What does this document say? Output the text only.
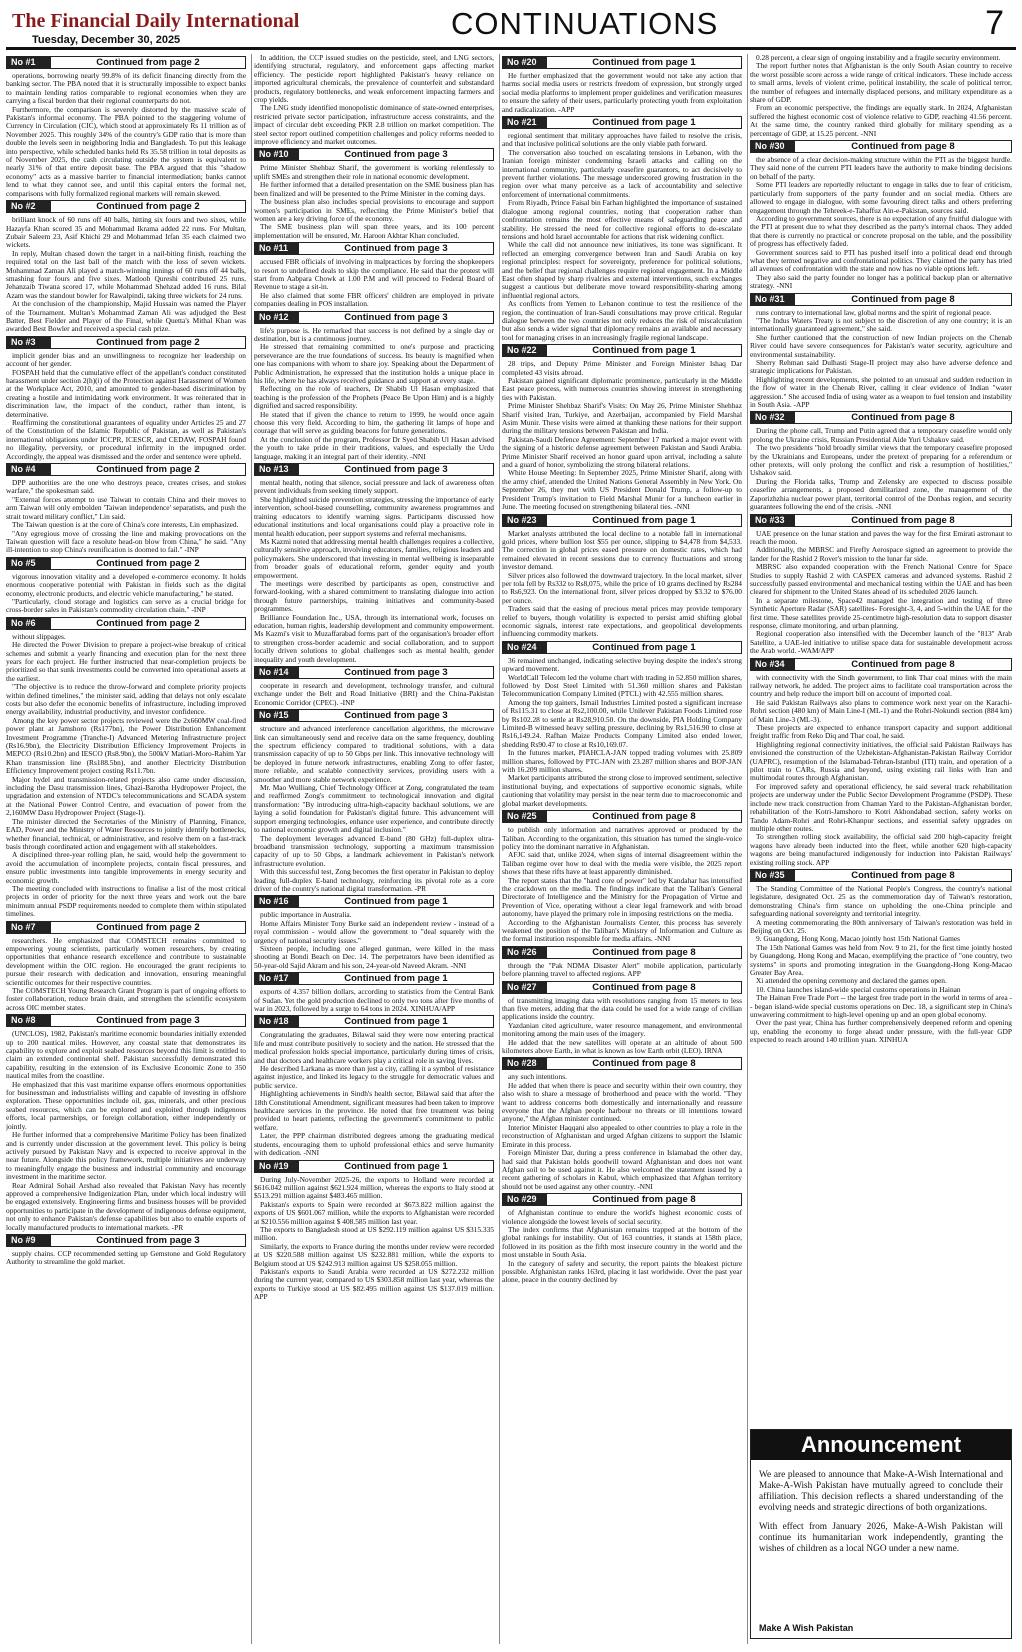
The Financial Daily International
Tuesday, December 30, 2025	CONTINUATIONS	7
No #1	Continued from page 2

operations, borrowing nearly 99.8% of its deficit financing directly from the banking sector. The PBA noted that it is structurally impossible to expect banks to maintain lending ratios comparable to regional economies when they are carrying a fiscal burden that their regional counterparts do not.

Furthermore, the comparison is severely distorted by the massive scale of Pakistan's informal economy. The PBA pointed to the staggering volume of Currency in Circulation (CIC), which stood at approximately Rs 11 trillion as of November 2025. This roughly 34% of the country's GDP ratio that is more than double the levels seen in neighboring India and Bangladesh. To put this leakage into perspective, while scheduled banks held Rs 35.58 trillion in total deposits as of November 2025, the cash circulating outside the system is equivalent to nearly 31% of that entire deposit base. The PBA argued that this "shadow economy" acts as a massive barrier to financial intermediation; banks cannot lend to what they cannot see, and until this capital enters the formal net, comparisons with fully formalized regional markets will remain skewed.

No #2	Continued from page 2

brilliant knock of 60 runs off 40 balls, hitting six fours and two sixes, while Hazayfa Khan scored 35 and Mohammad Ikrama added 22 runs. For Multan, Zubair Saleem 23, Asif Khichi 29 and Mohammad Irfan 35 each claimed two wickets.

In reply, Multan chased down the target in a nail-biting finish, reaching the required total on the last ball of the match with the loss of seven wickets. Mohammad Zaman Ali played a match-winning innings of 60 runs off 44 balls, smashing four fours and five sixes. Matloob Qureshi contributed 25 runs, Jehanzaib Tiwana scored 17, while Mohammad Shehzad added 16 runs. Bilal Azam was the standout bowler for Rawalpindi, taking three wickets for 24 runs.

At the conclusion of the championship, Majid Hussain was named the Player of the Tournament. Multan's Mohammad Zaman Ali was adjudged the Best Batter, Best Fielder and Player of the Final, while Quetta's Mithal Khan was awarded Best Bowler and received a special cash prize.

No #3	Continued from page 2

implicit gender bias and an unwillingness to recognize her leadership on account of her gender.

FOSPAH held that the cumulative effect of the appellant's conduct constituted harassment under section 2(h)(i) of the Protection against Harassment of Women at the Workplace Act, 2010, and amounted to gender-based discrimination by creating a hostile and intimidating work environment. It was reiterated that in discrimination law, the impact of the conduct, rather than intent, is determinative.

Reaffirming the constitutional guarantees of equality under Articles 25 and 27 of the Constitution of the Islamic Republic of Pakistan, as well as Pakistan's international obligations under ICCPR, ICESCR, and CEDAW, FOSPAH found no illegality, perversity, or procedural infirmity in the impugned order. Accordingly, the appeal was dismissed and the order and sentence were upheld.

No #4	Continued from page 2

DPP authorities are the one who destroys peace, creates crises, and stokes warfare," the spokesman said.

"External forces attempt to use Taiwan to contain China and their moves to arm Taiwan will only embolden 'Taiwan independence' separatists, and push the strait toward military conflict," Lin said.

The Taiwan question is at the core of China's core interests, Lin emphasized.

"Any egregious move of crossing the line and making provocations on the Taiwan question will face a resolute head-on blow from China," he said. "Any ill-intention to stop China's reunification is doomed to fail." -INP

No #5	Continued from page 2

vigorous innovation vitality and a developed e-commerce economy. It holds enormous cooperative potential with Pakistan in fields such as the digital economy, electronic products, and electric vehicle manufacturing," he stated.

"Particularly, cloud storage and logistics can serve as a crucial bridge for cross-border sales in Pakistan's commodity circulation chain." -INP

No #6	Continued from page 2

without slippages.

He directed the Power Division to prepare a project-wise breakup of critical schemes and submit a yearly financing and execution plan for the next three years for each project. He further instructed that near-completion projects be prioritized so that sunk investments could be converted into operational assets at the earliest.

"The objective is to reduce the throw-forward and complete priority projects within defined timelines," the minister said, adding that delays not only escalate costs but also defer the economic benefits of infrastructure, including improved energy availability, industrial productivity, and investor confidence.

Among the key power sector projects reviewed were the 2x660MW coal-fired power plant at Jamshoro (Rs177bn), the Power Distribution Enhancement Investment Programme (Tranche-I) Advanced Metering Infrastructure project (Rs16.9bn), the Electricity Distribution Efficiency Improvement Projects in MEPCO (Rs10.2bn) and IESCO (Rs8.9bn), the 500kV Matiari-Moro-Rahim Yar Khan transmission line (Rs188.5bn), and another Electricity Distribution Efficiency Improvement project costing Rs11.7bn.

Major hydel and transmission-related projects also came under discussion, including the Dasu transmission lines, Ghazi-Barotha Hydropower Project, the upgradation and extension of NTDC's telecommunications and SCADA system at the National Power Control Centre, and evacuation of power from the 2,160MW Dasu Hydropower Project (Stage-I).

The minister directed the Secretaries of the Ministry of Planning, Finance, EAD, Power and the Ministry of Water Resources to jointly identify bottlenecks, whether financial, technical, or administrative, and resolve them on a fast-track basis through coordinated action and engagement with all stakeholders.

A disciplined three-year rolling plan, he said, would help the government to avoid the accumulation of incomplete projects, contain fiscal pressures, and ensure public investments into tangible improvements in energy security and economic growth.

The meeting concluded with instructions to finalise a list of the most critical projects in order of priority for the next three years and work out the bare minimum annual PSDP requirements needed to complete them within stipulated timelines.

No #7	Continued from page 2

researchers. He emphasized that COMSTECH remains committed to empowering young scientists, particularly women researchers, by creating opportunities that enhance research excellence and contribute to sustainable development within the OIC region. He encouraged the grant recipients to pursue their research with dedication and innovation, ensuring meaningful scientific outcomes for their respective countries.

The COMSTECH Young Research Grant Program is part of ongoing efforts to foster collaboration, reduce brain drain, and strengthen the scientific ecosystem across OIC member states.

No #8	Continued from page 3

(UNCLOS), 1982, Pakistan's maritime economic boundaries initially extended up to 200 nautical miles. However, any coastal state that demonstrates its capability to explore and exploit seabed resources beyond this limit is entitled to claim an extended continental shelf. Pakistan successfully demonstrated this capability, resulting in the extension of its Exclusive Economic Zone to 350 nautical miles from the coastline.

He emphasized that this vast maritime expanse offers enormous opportunities for businessman and industrialists willing and capable of investing in offshore exploration. These opportunities include oil, gas, minerals, and other precious seabed resources, which can be explored and exploited through indigenous efforts, local partnerships, or foreign collaboration, either independently or jointly.

He further informed that a comprehensive Maritime Policy has been finalized and is currently under discussion at the government level. This policy is being actively pursued by Pakistan Navy and is expected to receive approval in the near future. Alongside this policy framework, multiple initiatives are underway to meaningfully engage the business and industrial community and encourage investment in the maritime sector.

Rear Admiral Sohail Arshad also revealed that Pakistan Navy has recently approved a comprehensive Indigenization Plan, under which local industry will be engaged extensively. Engineering firms and business houses will be provided opportunities to participate in the development of indigenous defense equipment, not only to enhance Pakistan's defense capabilities but also to enable exports of locally manufactured products to international markets. -PR

No #9	Continued from page 3

supply chains. CCP recommended setting up Gemstone and Gold Regulatory Authority to streamline the gold market.

In addition, the CCP issued studies on the pesticide, steel, and LNG sectors, identifying structural, regulatory, and enforcement gaps affecting market efficiency. The pesticide report highlighted Pakistan's heavy reliance on imported agricultural chemicals, the prevalence of counterfeit and substandard products, regulatory bottlenecks, and weak enforcement impacting farmers and crop yields.

The LNG study identified monopolistic dominance of state-owned enterprises, restricted private sector participation, infrastructure access constraints, and the impact of circular debt exceeding PKR 2.8 trillion on market competition. The steel sector report outlined competition challenges and policy reforms needed to improve efficiency and market outcomes.

No #10	Continued from page 3

Prime Minister Shehbaz Sharif, the government is working relentlessly to uplift SMEs and strengthen their role in national economic development.

He further informed that a detailed presentation on the SME business plan has been finalized and will be presented to the Prime Minister in the coming days.

The business plan also includes special provisions to encourage and support women's participation in SMEs, reflecting the Prime Minister's belief that women are a key driving force of the economy.

The SME business plan will span three years, and its 100 percent implementation will be ensured, Mr. Haroon Akhtar Khan concluded.

No #11	Continued from page 3

accused FBR officials of involving in malpractices by forcing the shopkeepers to resort to undefined deals to skip the compliance. He said that the protest will start from Aabpara Chowk at 1.00 P.M and will proceed to Federal Board of Revenue to stage a sit-in.

He also claimed that some FBR officers' children are employed in private companies dealing in POS installation.

No #12	Continued from page 3

life's purpose is. He remarked that success is not defined by a single day or destination, but is a continuous journey.

He stressed that remaining committed to one's purpose and practicing perseverance are the true foundations of success. Its beauty is magnified when one has companions with whom to share joy. Speaking about the Department of Public Administration, he expressed that the institution holds a unique place in his life, where he has always received guidance and support at every stage.

Reflecting on the role of teachers, Dr Shabib Ul Hasan emphasized that teaching is the profession of the Prophets (Peace Be Upon Him) and is a highly dignified and sacred responsibility.

He stated that if given the chance to return to 1999, he would once again choose this very field. According to him, the gathering lit lamps of hope and courage that will serve as guiding beacons for future generations.

At the conclusion of the program, Professor Dr Syed Shabib Ul Hasan advised the youth to take pride in their traditions, values, and especially the Urdu language, making it an integral part of their identity. -NNI

No #13	Continued from page 3

mental health, noting that silence, social pressure and lack of awareness often prevent individuals from seeking timely support.

She highlighted suicide prevention strategies, stressing the importance of early intervention, school-based counselling, community awareness programmes and training educators to identify warning signs. Participants discussed how educational institutions and local organisations could play a proactive role in mental health education, peer support systems and referral mechanisms.

Ms Kazmi noted that addressing mental health challenges requires a collective, culturally sensitive approach, involving educators, families, religious leaders and policymakers. She underscored that investing in mental wellbeing is inseparable from broader goals of educational reform, gender equity and youth empowerment.

The meetings were described by participants as open, constructive and forward-looking, with a shared commitment to translating dialogue into action through future partnerships, training initiatives and community-based programmes.

Brilliance Foundation Inc., USA, through its international work, focuses on education, human rights, leadership development and community empowerment. Ms Kazmi's visit to Muzaffarabad forms part of the organisation's broader effort to strengthen cross-border academic and social collaboration, and to support locally driven solutions to global challenges such as mental health, gender inequality and youth development.

No #14	Continued from page 3

cooperate in research and development, technology transfer, and cultural exchange under the Belt and Road Initiative (BRI) and the China-Pakistan Economic Corridor (CPEC). -INP

No #15	Continued from page 3

structure and advanced interference cancellation algorithms, the microwave link can simultaneously send and receive data on the same frequency, doubling the spectrum efficiency compared to traditional solutions, with a data transmission capacity of up to 50 Gbps per link. This innovative technology will be deployed in future network infrastructures, enabling Zong to offer faster, more reliable, and scalable connectivity services, providing users with a smoother and more stable network experience.

Mr. Mao Wulliang, Chief Technology Officer at Zong, congratulated the team and reaffirmed Zong's commitment to technological innovation and digital transformation: "By introducing ultra-high-capacity backhaul solutions, we are laying a solid foundation for Pakistan's digital future. This advancement will support emerging technologies, enhance user experience, and contribute directly to national economic growth and digital inclusion."

The deployment leverages advanced E-band (80 GHz) full-duplex ultra-broadband transmission technology, supporting a maximum transmission capacity of up to 50 Gbps, a landmark achievement in Pakistan's network infrastructure evolution.

With this successful test, Zong becomes the first operator in Pakistan to deploy leading full-duplex E-band technology, reinforcing its pivotal role as a core driver of the country's national digital transformation. -PR

No #16	Continued from page 1

public importance in Australia.

Home Affairs Minister Tony Burke said an independent review - instead of a royal commission - would allow the government to "deal squarely with the urgency of national security issues."

Sixteen people, including one alleged gunman, were killed in the mass shooting at Bondi Beach on Dec. 14. The perpetrators have been identified as 50-year-old Sajid Akram and his son, 24-year-old Naveed Akram. -NNI

No #17	Continued from page 1

exports of 4.357 billion dollars, according to statistics from the Central Bank of Sudan. Yet the gold production declined to only two tons after five months of war in 2023, followed by a surge to 64 tons in 2024. XINHUA/APP

No #18	Continued from page 1

Congratulating the graduates, Bilawal said they were now entering practical life and must contribute positively to society and the nation. He stressed that the medical profession holds special importance, particularly during times of crisis, and that doctors and healthcare workers play a critical role in saving lives.

He described Larkana as more than just a city, calling it a symbol of resistance against injustice, and linked its legacy to the struggle for democratic values and public service.

Highlighting achievements in Sindh's health sector, Bilawal said that after the 18th Constitutional Amendment, significant measures had been taken to improve healthcare services in the province. He noted that free treatment was being provided to heart patients, reflecting the government's commitment to public welfare.

Later, the PPP chairman distributed degrees among the graduating medical students, encouraging them to uphold professional ethics and serve humanity with dedication. -NNI

No #19	Continued from page 1

During July-November 2025-26, the exports to Holland were recorded at $616.042 million against $621.924 million, whereas the exports to Italy stood at $513.291 million against $483.465 million.

Pakistan's exports to Spain were recorded at $673.822 million against the exports of US $601.067 million, while the exports to Afghanistan were recorded at $210.556 million against $ 408.585 million last year.

The exports to Bangladesh stood at US $292.119 million against US $315.335 million.

Similarly, the exports to France during the months under review were recorded at US $220.588 million against US $232.881 million, while the exports to Belgium stood at US $242.913 million against US $258.055 million.

Pakistan's exports to Saudi Arabia were recorded at US $272.232 million during the current year, compared to US $303.858 million last year, whereas the exports to Turkiye stood at US $82.495 million against US $137.019 million. APP

No #20	Continued from page 1

He further emphasized that the government would not take any action that harms social media users or restricts freedom of expression, but strongly urged social media platforms to implement proper guidelines and verification measures to ensure the safety of their users, particularly protecting youth from exploitation and radicalization. -APP

No #21	Continued from page 1

regional sentiment that military approaches have failed to resolve the crisis, and that inclusive political solutions are the only viable path forward.

The conversation also touched on escalating tensions in Lebanon, with the Iranian foreign minister condemning Israeli attacks and calling on the international community, particularly ceasefire guarantors, to act decisively to prevent further violations. The message underscored growing frustration in the region over what many perceive as a lack of accountability and selective enforcement of international commitments.

From Riyadh, Prince Faisal bin Farhan highlighted the importance of sustained dialogue among regional countries, noting that cooperation rather than confrontation remains the most effective means of safeguarding peace and stability. He stressed the need for collective regional efforts to de-escalate tensions and hold Israel accountable for actions that risk widening conflict.

While the call did not announce new initiatives, its tone was significant. It reflected an emerging convergence between Iran and Saudi Arabia on key regional principles: respect for sovereignty, preference for political solutions, and the belief that regional challenges require regional engagement. In a Middle East often shaped by sharp rivalries and external interventions, such exchanges suggest a cautious but deliberate move toward responsibility-sharing among influential regional actors.

As conflicts from Yemen to Lebanon continue to test the resilience of the region, the continuation of Iran-Saudi consultations may prove critical. Regular dialogue between the two countries not only reduces the risk of miscalculation but also sends a wider signal that diplomacy remains an available and necessary tool for managing crises in an increasingly fragile regional landscape.

No #22	Continued from page 1

28 trips, and Deputy Prime Minister and Foreign Minister Ishaq Dar completed 43 visits abroad.

Pakistan gained significant diplomatic prominence, particularly in the Middle East peace process, with numerous countries showing interest in strengthening ties with Pakistan.

Prime Minister Shehbaz Sharif's Visits: On May 26, Prime Minister Shehbaz Sharif visited Iran, Turkiye, and Azerbaijan, accompanied by Field Marshal Asim Munir. These visits were aimed at thanking these nations for their support during the military tensions between Pakistan and India.

Pakistan-Saudi Defence Agreement: September 17 marked a major event with the signing of a historic defense agreement between Pakistan and Saudi Arabia. Prime Minister Sharif received an honor guard upon arrival, including a salute and a guard of honor, symbolizing the strong bilateral relations.

White House Meeting: In September 2025, Prime Minister Sharif, along with the army chief, attended the United Nations General Assembly in New York. On September 26, they met with US President Donald Trump, a follow-up to President Trump's invitation to Field Marshal Munir for a luncheon earlier in June. The meeting focused on strengthening bilateral ties. -NNI

No #23	Continued from page 1

Market analysts attributed the local decline to a notable fall in international gold prices, where bullion lost $55 per ounce, slipping to $4,478 from $4,533. The correction in global prices eased pressure on domestic rates, which had remained elevated in recent sessions due to currency fluctuations and strong investor demand.

Silver prices also followed the downward trajectory. In the local market, silver per tola fell by Rs332 to Rs8,075, while the price of 10 grams declined by Rs284 to Rs6,923. On the international front, silver prices dropped by $3.32 to $76.00 per ounce.

Traders said that the easing of precious metal prices may provide temporary relief to buyers, though volatility is expected to persist amid shifting global economic signals, interest rate expectations, and geopolitical developments influencing commodity markets.

No #24	Continued from page 1

36 remained unchanged, indicating selective buying despite the index's strong upward movement.

WorldCall Telecom led the volume chart with trading in 52.850 million shares, followed by Dost Steel Limited with 51.360 million shares and Pakistan Telecommunication Company Limited (PTCL) with 42.555 million shares.

Among the top gainers, Ismail Industries Limited posted a significant increase of Rs115.31 to close at Rs2,100.00, while Unilever Pakistan Foods Limited rose by Rs102.28 to settle at Rs28,910.50. On the downside, PIA Holding Company Limited-B witnessed heavy selling pressure, declining by Rs1,516.90 to close at Rs16,149.24. Rafhan Maize Products Company Limited also ended lower, shedding Rs90.47 to close at Rs10,169.07.

In the futures market, PIAHCLA-JAN topped trading volumes with 25.809 million shares, followed by PTC-JAN with 23.287 million shares and BOP-JAN with 16.209 million shares.

Market participants attributed the strong close to improved sentiment, selective institutional buying, and expectations of supportive economic signals, while cautioning that volatility may persist in the near term due to macroeconomic and global market developments.

No #25	Continued from page 8

to publish only information and narratives approved or produced by the Taliban. According to the organization, this situation has turned the single-voice policy into the dominant narrative in Afghanistan.

AFJC said that, unlike 2024, when signs of internal disagreement within the Taliban regime over how to deal with the media were visible, the 2025 report shows that these rifts have at least apparently diminished.

The report states that the "hard core of power" led by Kandahar has intensified the crackdown on the media. The findings indicate that the Taliban's General Directorate of Intelligence and the Ministry for the Propagation of Virtue and Prevention of Vice, operating without a clear legal framework and with broad autonomy, have played the primary role in imposing restrictions on the media.

According to the Afghanistan Journalists Center, this process has severely weakened the position of the Taliban's Ministry of Information and Culture as the formal institution responsible for media affairs. -NNI

No #26	Continued from page 8

through the "Pak NDMA Disaster Alert" mobile application, particularly before planning travel to affected regions. APP

No #27	Continued from page 8

of transmitting imaging data with resolutions ranging from 15 meters to less than five meters, adding that the data could be used for a wide range of civilian applications inside the country.

Yazdanian cited agriculture, water resource management, and environmental monitoring among the main uses of the imagery.

He added that the new satellites will operate at an altitude of about 500 kilometers above Earth, in what is known as low Earth orbit (LEO). IRNA

No #28	Continued from page 8

any such intentions.

He added that when there is peace and security within their own country, they also wish to share a message of brotherhood and peace with the world. "They want to address concerns both domestically and internationally and reassure everyone that the Afghan people harbour no threats or ill intentions toward anyone," the Afghan minister continued.

Interior Minister Haqqani also appealed to other countries to play a role in the reconstruction of Afghanistan and urged Afghan citizens to support the Islamic Emirate in this process.

Foreign Minister Dar, during a press conference in Islamabad the other day, had said that Pakistan holds goodwill toward Afghanistan and does not want Afghan soil to be used against it. He also welcomed the statement issued by a recent gathering of scholars in Kabul, which emphasized that Afghan territory should not be used against any other country. -NNI

No #29	Continued from page 8

of Afghanistan continue to endure the world's highest economic costs of violence alongside the lowest levels of social security.

The index confirms that Afghanistan remains trapped at the bottom of the global rankings for instability. Out of 163 countries, it stands at 158th place, followed in its position as the fifth most insecure country in the world and the most unstable in South Asia.

In the category of safety and security, the report paints the bleakest picture possible. Afghanistan ranks 163rd, placing it last worldwide. Over the past year alone, peace in the country declined by

0.28 percent, a clear sign of ongoing instability and a fragile security environment.

The report further notes that Afghanistan is the only South Asian country to receive the worst possible score across a wide range of critical indicators. These include access to small arms, levels of violent crime, political instability, the scale of political terror, the number of refugees and internally displaced persons, and military expenditure as a share of GDP.

From an economic perspective, the findings are equally stark. In 2024, Afghanistan suffered the highest economic cost of violence relative to GDP, reaching 41.56 percent. At the same time, the country ranked third globally for military spending as a percentage of GDP, at 15.25 percent. -NNI

No #30	Continued from page 8

the absence of a clear decision-making structure within the PTI as the biggest hurdle. They said none of the current PTI leaders have the authority to make binding decisions on behalf of the party.

Some PTI leaders are reportedly reluctant to engage in talks due to fear of criticism, particularly from supporters of the party founder and on social media. Others are allowed to engage in dialogue, with some favouring direct talks and others preferring engagement through the Tehreek-e-Tahaffuz Ain-e-Pakistan, sources said.

According to government sources, there is no expectation of any fruitful dialogue with the PTI at present due to what they described as the party's internal chaos. They added that there is currently no practical or concrete proposal on the table, and the possibility of progress has effectively faded.

Government sources said to PTI has pushed itself into a political dead end through what they termed negative and confrontational politics. They claimed the party has tried all avenues of confrontation with the state and now has no viable options left.

They also said the party founder no longer has a political backup plan or alternative strategy. -NNI

No #31	Continued from page 8

runs contrary to international law, global norms and the spirit of regional peace.

"The Indus Waters Treaty is not subject to the discretion of any one country; it is an internationally guaranteed agreement," she said.

She further cautioned that the construction of new Indian projects on the Chenab River could have severe consequences for Pakistan's water security, agriculture and environmental sustainability.

Sherry Rehman said Dulhasti Stage-II project may also have adverse defence and strategic implications for Pakistan.

Highlighting recent developments, she pointed to an unusual and sudden reduction in the flow of water in the Chenab River, calling it clear evidence of Indian "water aggression." She accused India of using water as a weapon to fuel tension and instability in South Asia. -APP

No #32	Continued from page 8

During the phone call, Trump and Putin agreed that a temporary ceasefire would only prolong the Ukraine crisis, Russian Presidential Aide Yuri Ushakov said.

The two presidents "hold broadly similar views that the temporary ceasefire proposed by the Ukrainians and Europeans, under the pretext of preparing for a referendum or other pretexts, will only prolong the conflict and risk a resumption of hostilities," Ushakov said.

During the Florida talks, Trump and Zelensky are expected to discuss possible ceasefire arrangements, a proposed demilitarized zone, the management of the Zaporizhzhia nuclear power plant, territorial control of the Donbas region, and security guarantees following the end of the crisis. -NNI

No #33	Continued from page 8

UAE presence on the lunar station and paves the way for the first Emirati astronaut to reach the moon.

Additionally, the MBRSC and Firefly Aerospace signed an agreement to provide the lander for the Rashid 2 Rover's mission to the lunar far side.

MBRSC also expanded cooperation with the French National Centre for Space Studies to supply Rashid 2 with CASPEX cameras and advanced systems. Rashid 2 successfully passed environmental and mechanical testing within the UAE and has been cleared for shipment to the United States ahead of its scheduled 2026 launch.

In a separate milestone, Space42 managed the integration and testing of three Synthetic Aperture Radar (SAR) satellites- Foresight-3, 4, and 5-within the UAE for the first time. These satellites provide 25-centimetre high-resolution data to support disaster response, climate monitoring, and urban planning.

Regional cooperation also intensified with the December launch of the "813" Arab Satellite, a UAE-led initiative to utilise space data for sustainable development across the Arab world. -WAM/APP

No #34	Continued from page 8

with connectivity with the Sindh government, to link Thar coal mines with the main railway network, he added. The project aims to facilitate coal transportation across the country and help reduce the import bill on account of imported coal.

He said Pakistan Railways also plans to commence work next year on the Karachi-Rohri section (480 km) of Main Line-I (ML-1) and the Rohri-Nokundi section (884 km) of Main Line-3 (ML-3).

These projects are expected to enhance transport capacity and support additional freight traffic from Reko Diq and Thar coal, he said.

Highlighting regional connectivity initiatives, the official said Pakistan Railways has envisioned the construction of the Uzbekistan-Afghanistan-Pakistan Railway Corridor (UAPRC), resumption of the Islamabad-Tehran-Istanbul (ITI) train, and operation of a pilot train to CARs, Russia and beyond, using existing rail links with Iran and multimodal routes through Afghanistan.

For improved safety and operational efficiency, he said several track rehabilitation projects are underway under the Public Sector Development Programme (PSDP). These include new track construction from Chaman Yard to the Pakistan-Afghanistan border, rehabilitation of the Kotri-Jamshoro to Kotri Akhondabad section, safety works on Tando Adam-Rohri and Rohri-Khanpur sections, and essential safety upgrades on multiple other routes.

To strengthen rolling stock availability, the official said 200 high-capacity freight wagons have already been inducted into the fleet, while another 620 high-capacity wagons are being manufactured indigenously for induction into Pakistan Railways' existing rolling stock. APP

No #35	Continued from page 8

The Standing Committee of the National People's Congress, the country's national legislature, designated Oct. 25 as the commemoration day of Taiwan's restoration, demonstrating China's firm stance on upholding the one-China principle and safeguarding national sovereignty and territorial integrity.

A meeting commemorating the 80th anniversary of Taiwan's restoration was held in Beijing on Oct. 25.

9. Guangdong, Hong Kong, Macao jointly host 15th National Games

The 15th National Games was held from Nov. 9 to 21, for the first time jointly hosted by Guangdong, Hong Kong and Macao, exemplifying the practice of "one country, two systems" in sports and promoting integration in the Guangdong-Hong Kong-Macao Greater Bay Area.

Xi attended the opening ceremony and declared the games open.

10. China launches island-wide special customs operations in Hainan

The Hainan Free Trade Port -- the largest free trade port in the world in terms of area -- began island-wide special customs operations on Dec. 18, a significant step in China's unwavering commitment to high-level opening up and an open global economy.

Over the past year, China has further comprehensively deepened reform and opening up, enabling the economy to forge ahead under pressure, with the full-year GDP expected to reach around 140 trillion yuan. XINHUA

Announcement

We are pleased to announce that Make-A-Wish International and Make-A-Wish Pakistan have mutually agreed to conclude their affiliation. This decision reflects a shared understanding of the evolving needs and strategic directions of both organizations.

With effect from January 2026, Make-A-Wish Pakistan will continue its humanitarian work independently, granting the wishes of children as a local NGO under a new name.

Make A Wish Pakistan
